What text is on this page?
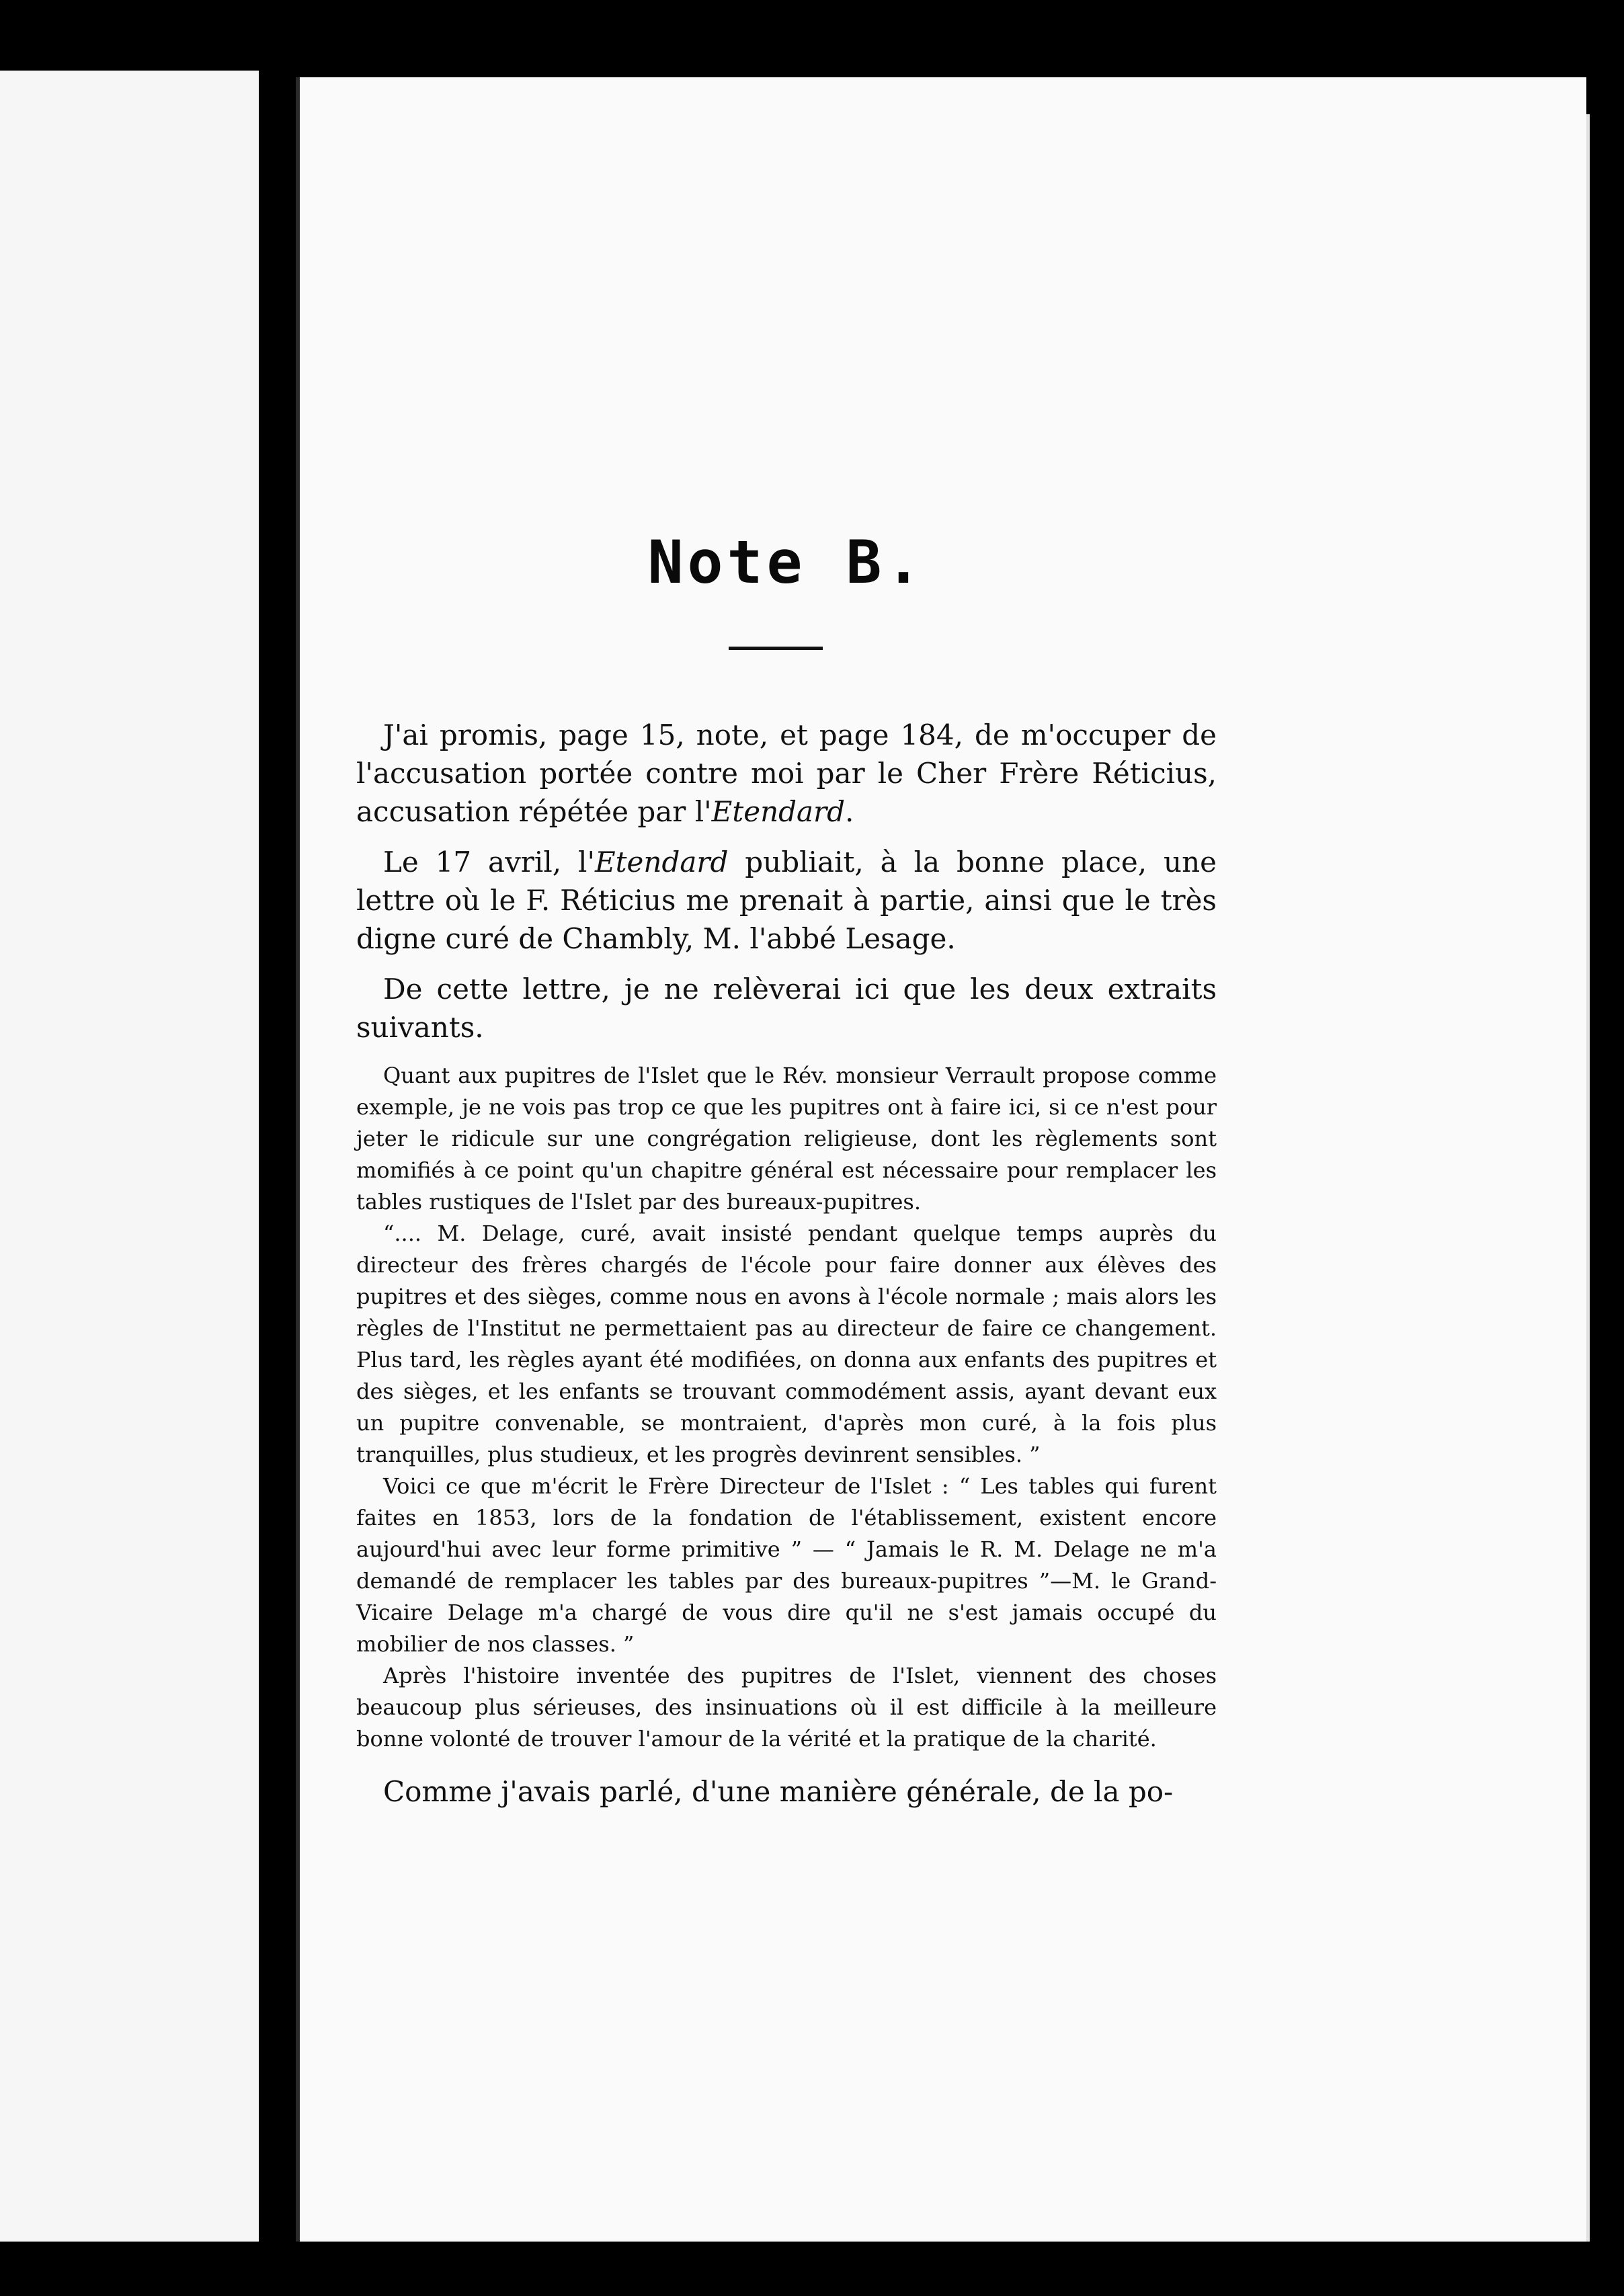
Note B.

J'ai promis, page 15, note, et page 184, de m'occuper de l'accusation portée contre moi par le Cher Frère Réticius, accusation répétée par l'Etendard.

Le 17 avril, l'Etendard publiait, à la bonne place, une lettre où le F. Réticius me prenait à partie, ainsi que le très digne curé de Chambly, M. l'abbé Lesage.

De cette lettre, je ne relèverai ici que les deux extraits suivants.

Quant aux pupitres de l'Islet que le Rév. monsieur Verrault propose comme exemple, je ne vois pas trop ce que les pupitres ont à faire ici, si ce n'est pour jeter le ridicule sur une congrégation religieuse, dont les règlements sont momifiés à ce point qu'un chapitre général est nécessaire pour remplacer les tables rustiques de l'Islet par des bureaux-pupitres.

“.... M. Delage, curé, avait insisté pendant quelque temps auprès du directeur des frères chargés de l'école pour faire donner aux élèves des pupitres et des sièges, comme nous en avons à l'école normale ; mais alors les règles de l'Institut ne permettaient pas au directeur de faire ce changement. Plus tard, les règles ayant été modifiées, on donna aux enfants des pupitres et des sièges, et les enfants se trouvant commodément assis, ayant devant eux un pupitre convenable, se montraient, d'après mon curé, à la fois plus tranquilles, plus studieux, et les progrès devinrent sensibles. ”

Voici ce que m'écrit le Frère Directeur de l'Islet : “ Les tables qui furent faites en 1853, lors de la fondation de l'établissement, existent encore aujourd'hui avec leur forme primitive ” — “ Jamais le R. M. Delage ne m'a demandé de remplacer les tables par des bureaux-pupitres ”—M. le Grand-Vicaire Delage m'a chargé de vous dire qu'il ne s'est jamais occupé du mobilier de nos classes. ”

Après l'histoire inventée des pupitres de l'Islet, viennent des choses beaucoup plus sérieuses, des insinuations où il est difficile à la meilleure bonne volonté de trouver l'amour de la vérité et la pratique de la charité.

Comme j'avais parlé, d'une manière générale, de la po-
